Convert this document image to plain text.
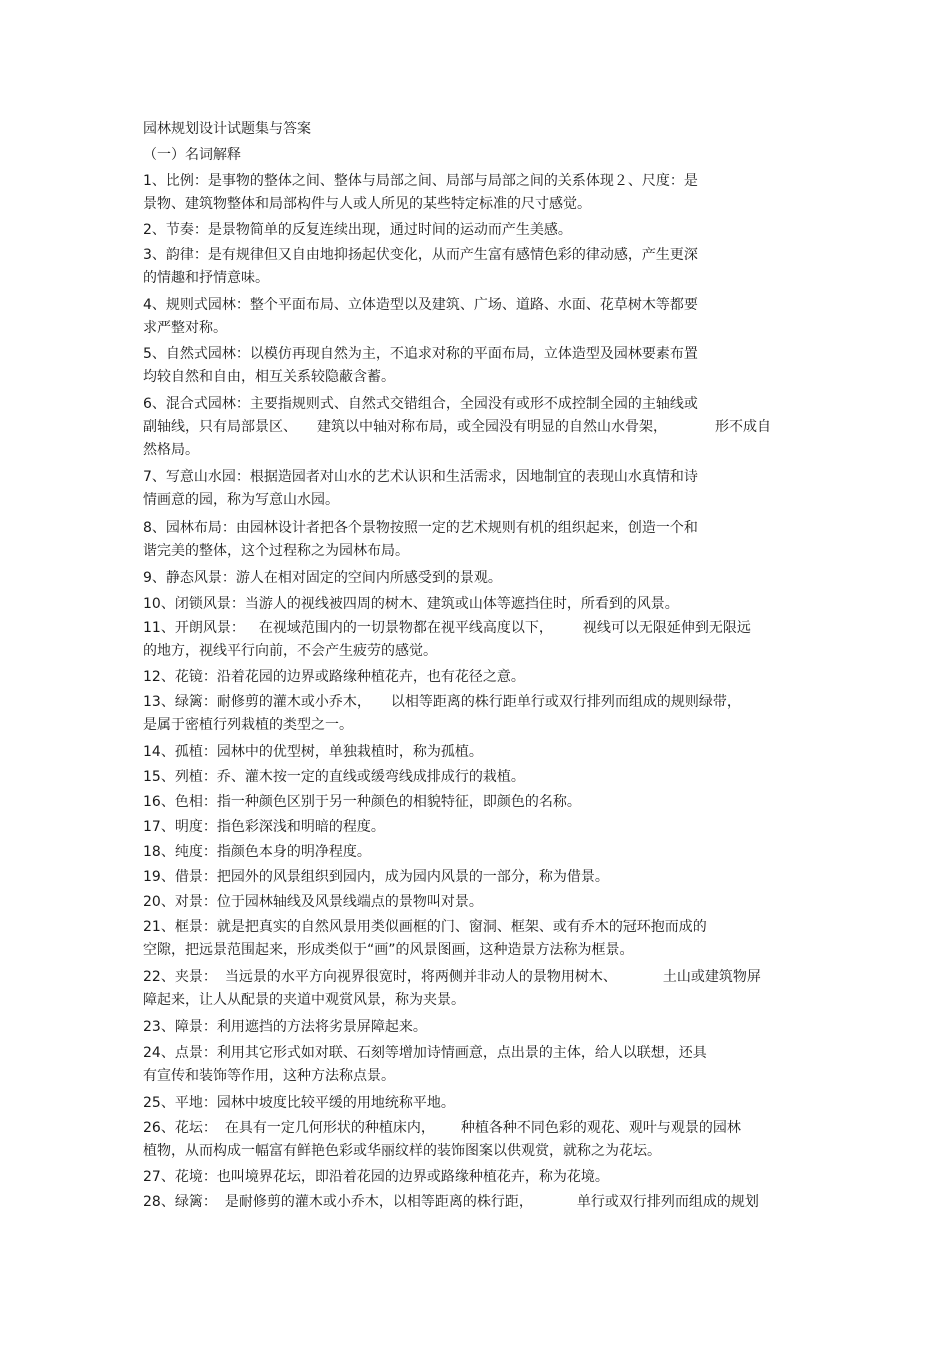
园林规划设计试题集与答案
（一）名词解释
1、比例：是事物的整体之间、整体与局部之间、局部与局部之间的关系体现２、尺度：是
景物、建筑物整体和局部构件与人或人所见的某些特定标准的尺寸感觉。
2、节奏：是景物简单的反复连续出现，通过时间的运动而产生美感。
3、韵律：是有规律但又自由地抑扬起伏变化，从而产生富有感情色彩的律动感，产生更深
的情趣和抒情意味。
4、规则式园林：整个平面布局、立体造型以及建筑、广场、道路、水面、花草树木等都要
求严整对称。
5、自然式园林：以模仿再现自然为主，不追求对称的平面布局，立体造型及园林要素布置
均较自然和自由，相互关系较隐蔽含蓄。
6、混合式园林：主要指规则式、自然式交错组合，全园没有或形不成控制全园的主轴线或
副轴线，只有局部景区、 建筑以中轴对称布局，或全园没有明显的自然山水骨架，	形不成自
然格局。
7、写意山水园：根据造园者对山水的艺术认识和生活需求，因地制宜的表现山水真情和诗
情画意的园，称为写意山水园。
8、园林布局：由园林设计者把各个景物按照一定的艺术规则有机的组织起来，创造一个和
谐完美的整体，这个过程称之为园林布局。
9、静态风景：游人在相对固定的空间内所感受到的景观。
10、闭锁风景：当游人的视线被四周的树木、建筑或山体等遮挡住时，所看到的风景。
11、开朗风景： 在视域范围内的一切景物都在视平线高度以下， 视线可以无限延伸到无限远
的地方，视线平行向前，不会产生疲劳的感觉。
12、花镜：沿着花园的边界或路缘种植花卉，也有花径之意。
13、绿篱：耐修剪的灌木或小乔木， 以相等距离的株行距单行或双行排列而组成的规则绿带，
是属于密植行列栽植的类型之一。
14、孤植：园林中的优型树，单独栽植时，称为孤植。
15、列植：乔、灌木按一定的直线或缓弯线成排成行的栽植。
16、色相：指一种颜色区别于另一种颜色的相貌特征，即颜色的名称。
17、明度：指色彩深浅和明暗的程度。
18、纯度：指颜色本身的明净程度。
19、借景：把园外的风景组织到园内，成为园内风景的一部分，称为借景。
20、对景：位于园林轴线及风景线端点的景物叫对景。
21、框景：就是把真实的自然风景用类似画框的门、窗洞、框架、或有乔木的冠环抱而成的
空隙，把远景范围起来，形成类似于“画”的风景图画，这种造景方法称为框景。
22、夹景： 当远景的水平方向视界很宽时，将两侧并非动人的景物用树木、	土山或建筑物屏
障起来，让人从配景的夹道中观赏风景，称为夹景。
23、障景：利用遮挡的方法将劣景屏障起来。
24、点景：利用其它形式如对联、石刻等增加诗情画意，点出景的主体，给人以联想，还具
有宣传和装饰等作用，这种方法称点景。
25、平地：园林中坡度比较平缓的用地统称平地。
26、花坛： 在具有一定几何形状的种植床内， 种植各种不同色彩的观花、观叶与观景的园林
植物，从而构成一幅富有鲜艳色彩或华丽纹样的装饰图案以供观赏，就称之为花坛。
27、花境：也叫境界花坛，即沿着花园的边界或路缘种植花卉，称为花境。
28、绿篱： 是耐修剪的灌木或小乔木，以相等距离的株行距，	单行或双行排列而组成的规划
